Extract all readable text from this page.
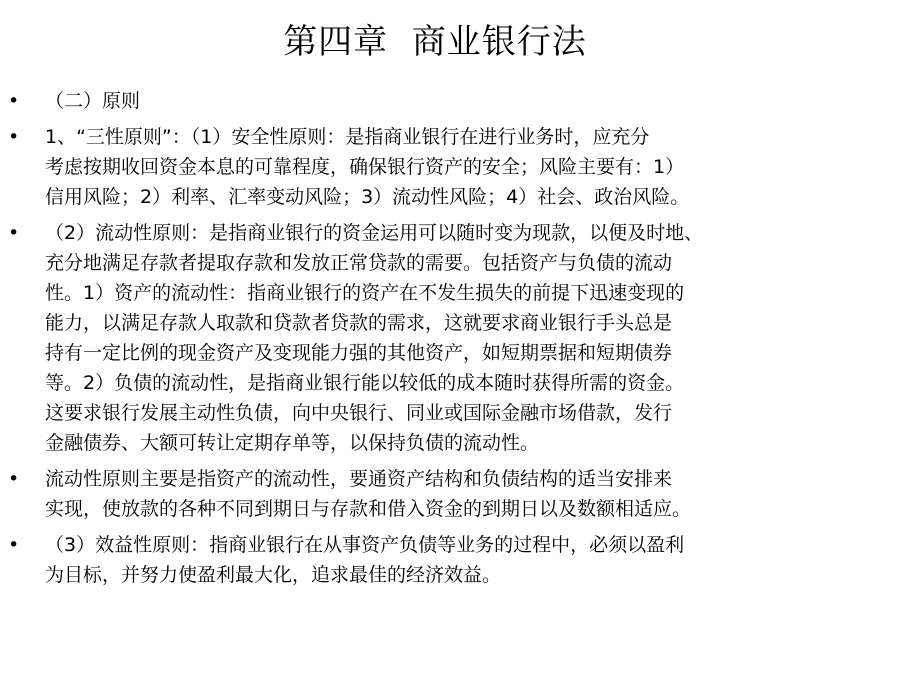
第四章  商业银行法
• （二）原则
• 1、“三性原则”：（1）安全性原则：是指商业银行在进行业务时，应充分
考虑按期收回资金本息的可靠程度，确保银行资产的安全；风险主要有：1）
信用风险；2）利率、汇率变动风险；3）流动性风险；4）社会、政治风险。
• （2）流动性原则：是指商业银行的资金运用可以随时变为现款，以便及时地、
充分地满足存款者提取存款和发放正常贷款的需要。包括资产与负债的流动
性。1）资产的流动性：指商业银行的资产在不发生损失的前提下迅速变现的
能力，以满足存款人取款和贷款者贷款的需求，这就要求商业银行手头总是
持有一定比例的现金资产及变现能力强的其他资产，如短期票据和短期债券
等。2）负债的流动性，是指商业银行能以较低的成本随时获得所需的资金。
这要求银行发展主动性负债，向中央银行、同业或国际金融市场借款，发行
金融债券、大额可转让定期存单等，以保持负债的流动性。
• 流动性原则主要是指资产的流动性，要通资产结构和负债结构的适当安排来
实现，使放款的各种不同到期日与存款和借入资金的到期日以及数额相适应。
• （3）效益性原则：指商业银行在从事资产负债等业务的过程中，必须以盈利
为目标，并努力使盈利最大化，追求最佳的经济效益。
